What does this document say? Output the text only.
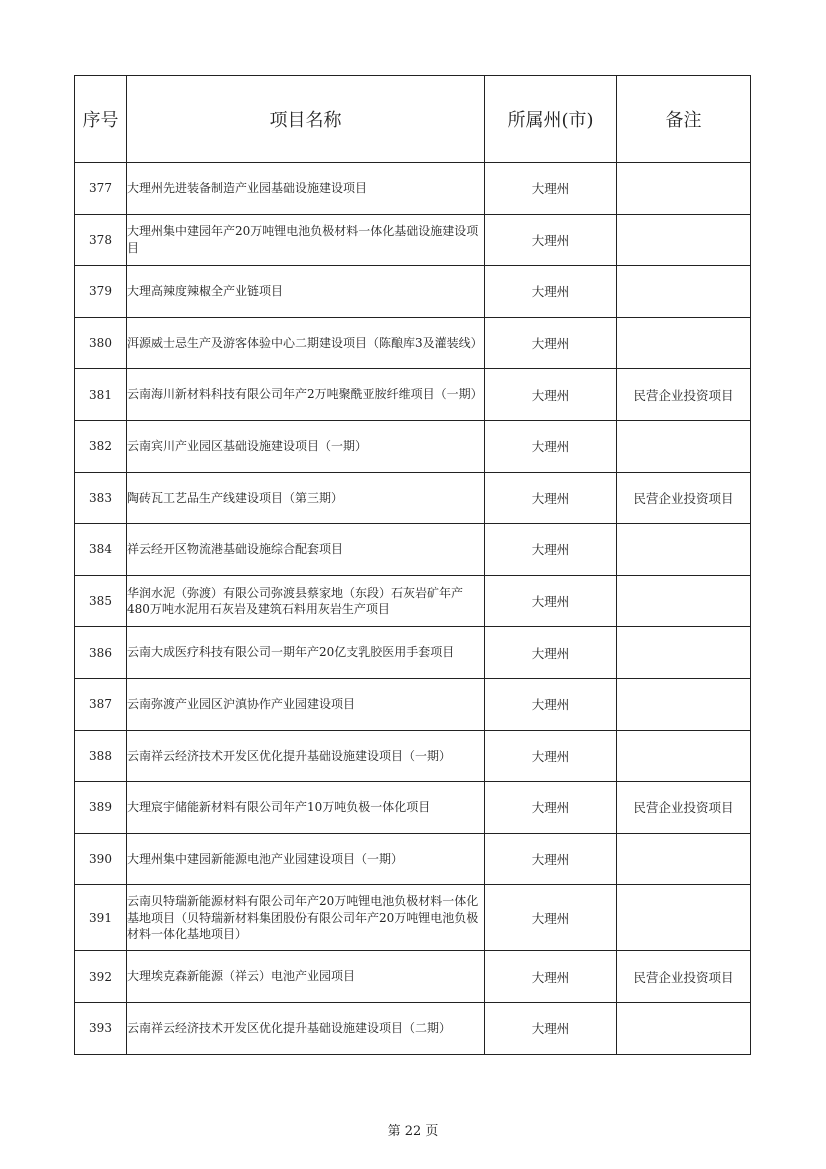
序号	项目名称	所属州(市)	备注
377	大理州先进装备制造产业园基础设施建设项目	大理州	
378	大理州集中建园年产20万吨锂电池负极材料一体化基础设施建设项目	大理州	
379	大理高辣度辣椒全产业链项目	大理州	
380	洱源威士忌生产及游客体验中心二期建设项目（陈酿库3及灌装线）	大理州	
381	云南海川新材料科技有限公司年产2万吨聚酰亚胺纤维项目（一期）	大理州	民营企业投资项目
382	云南宾川产业园区基础设施建设项目（一期）	大理州	
383	陶砖瓦工艺品生产线建设项目（第三期）	大理州	民营企业投资项目
384	祥云经开区物流港基础设施综合配套项目	大理州	
385	华润水泥（弥渡）有限公司弥渡县蔡家地（东段）石灰岩矿年产480万吨水泥用石灰岩及建筑石料用灰岩生产项目	大理州	
386	云南大成医疗科技有限公司一期年产20亿支乳胶医用手套项目	大理州	
387	云南弥渡产业园区沪滇协作产业园建设项目	大理州	
388	云南祥云经济技术开发区优化提升基础设施建设项目（一期）	大理州	
389	大理宸宇储能新材料有限公司年产10万吨负极一体化项目	大理州	民营企业投资项目
390	大理州集中建园新能源电池产业园建设项目（一期）	大理州	
391	云南贝特瑞新能源材料有限公司年产20万吨锂电池负极材料一体化基地项目（贝特瑞新材料集团股份有限公司年产20万吨锂电池负极材料一体化基地项目）	大理州	
392	大理埃克森新能源（祥云）电池产业园项目	大理州	民营企业投资项目
393	云南祥云经济技术开发区优化提升基础设施建设项目（二期）	大理州	
第 22 页
